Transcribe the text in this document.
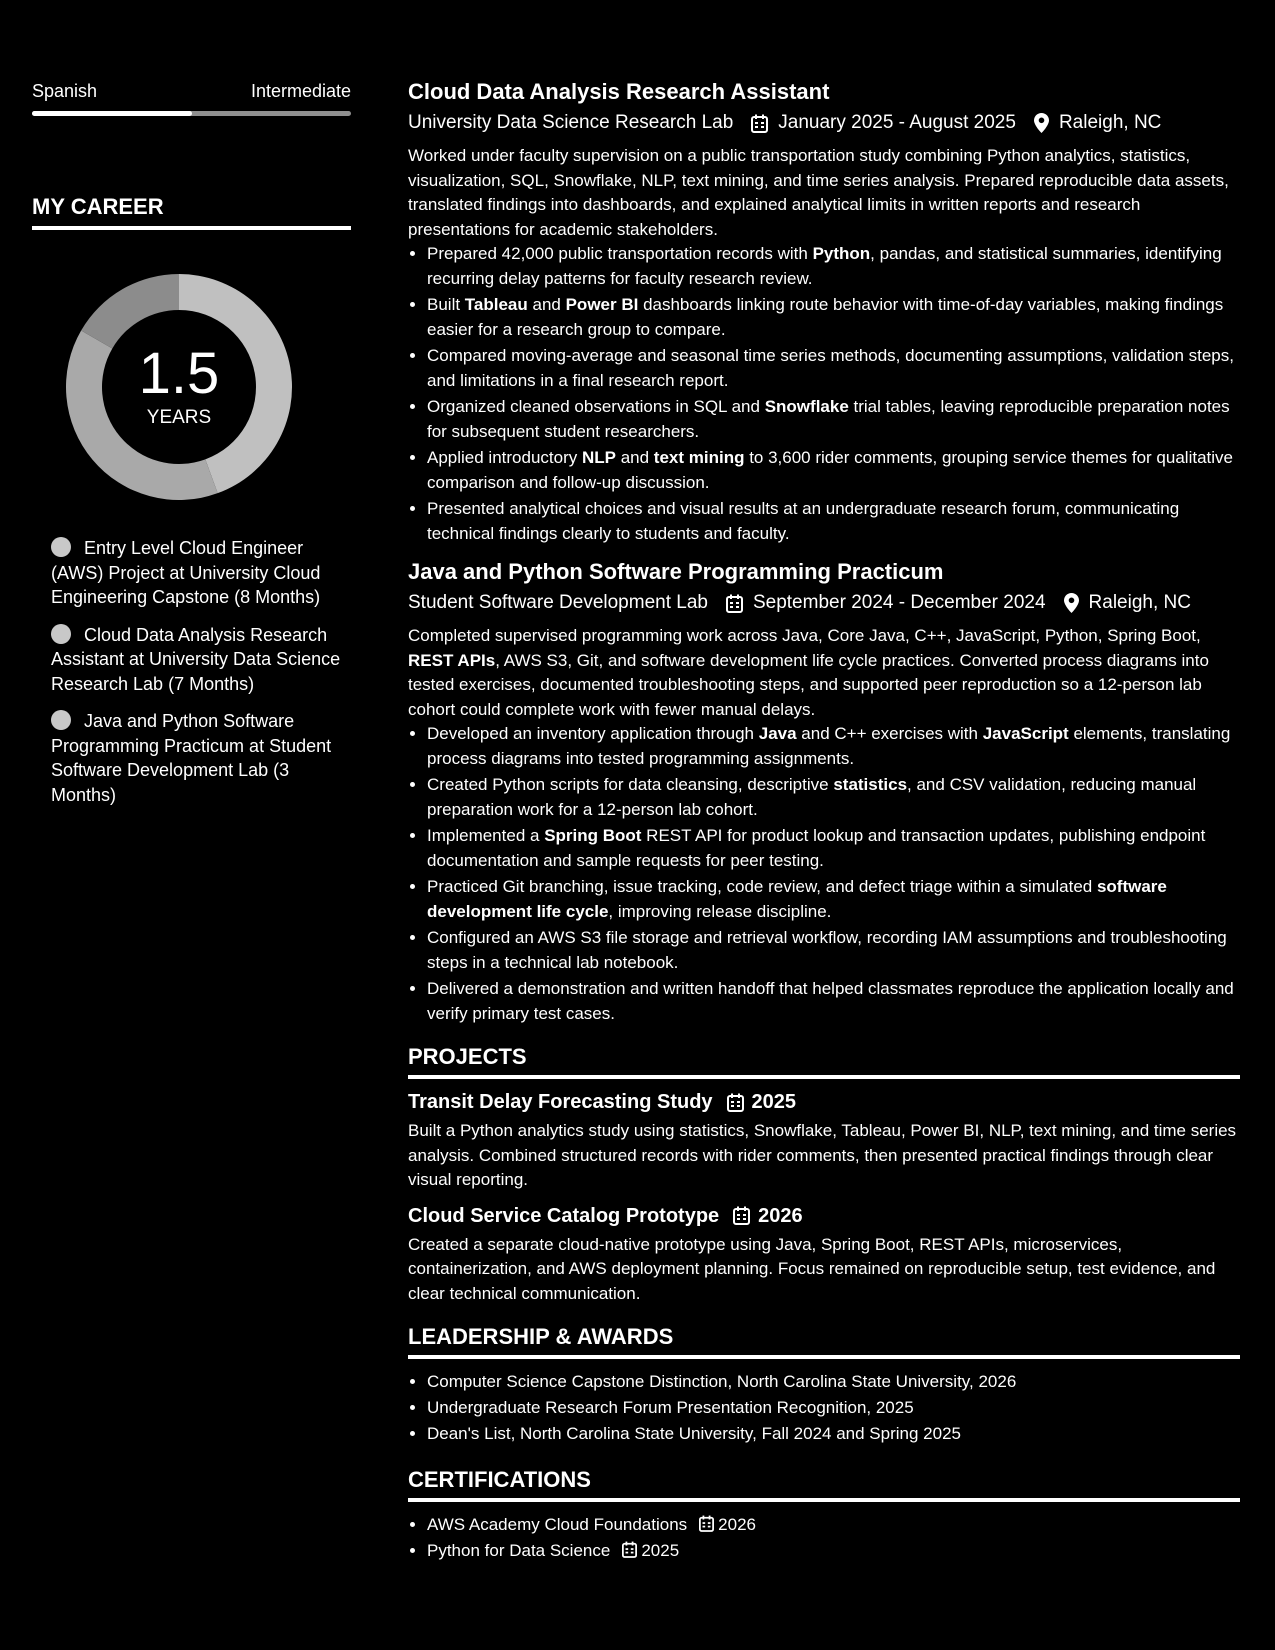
Spanish	Intermediate
MY CAREER
1.5
YEARS
Entry Level Cloud Engineer (AWS) Project at University Cloud Engineering Capstone (8 Months)
Cloud Data Analysis Research Assistant at University Data Science Research Lab (7 Months)
Java and Python Software Programming Practicum at Student Software Development Lab (3 Months)
Cloud Data Analysis Research Assistant
University Data Science Research Lab January 2025 - August 2025 Raleigh, NC
Worked under faculty supervision on a public transportation study combining Python analytics, statistics, visualization, SQL, Snowflake, NLP, text mining, and time series analysis. Prepared reproducible data assets, translated findings into dashboards, and explained analytical limits in written reports and research presentations for academic stakeholders.
• Prepared 42,000 public transportation records with Python, pandas, and statistical summaries, identifying recurring delay patterns for faculty research review.
• Built Tableau and Power BI dashboards linking route behavior with time-of-day variables, making findings easier for a research group to compare.
• Compared moving-average and seasonal time series methods, documenting assumptions, validation steps, and limitations in a final research report.
• Organized cleaned observations in SQL and Snowflake trial tables, leaving reproducible preparation notes for subsequent student researchers.
• Applied introductory NLP and text mining to 3,600 rider comments, grouping service themes for qualitative comparison and follow-up discussion.
• Presented analytical choices and visual results at an undergraduate research forum, communicating technical findings clearly to students and faculty.
Java and Python Software Programming Practicum
Student Software Development Lab September 2024 - December 2024 Raleigh, NC
Completed supervised programming work across Java, Core Java, C++, JavaScript, Python, Spring Boot, REST APIs, AWS S3, Git, and software development life cycle practices. Converted process diagrams into tested exercises, documented troubleshooting steps, and supported peer reproduction so a 12-person lab cohort could complete work with fewer manual delays.
• Developed an inventory application through Java and C++ exercises with JavaScript elements, translating process diagrams into tested programming assignments.
• Created Python scripts for data cleansing, descriptive statistics, and CSV validation, reducing manual preparation work for a 12-person lab cohort.
• Implemented a Spring Boot REST API for product lookup and transaction updates, publishing endpoint documentation and sample requests for peer testing.
• Practiced Git branching, issue tracking, code review, and defect triage within a simulated software development life cycle, improving release discipline.
• Configured an AWS S3 file storage and retrieval workflow, recording IAM assumptions and troubleshooting steps in a technical lab notebook.
• Delivered a demonstration and written handoff that helped classmates reproduce the application locally and verify primary test cases.
PROJECTS
Transit Delay Forecasting Study 2025
Built a Python analytics study using statistics, Snowflake, Tableau, Power BI, NLP, text mining, and time series analysis. Combined structured records with rider comments, then presented practical findings through clear visual reporting.
Cloud Service Catalog Prototype 2026
Created a separate cloud-native prototype using Java, Spring Boot, REST APIs, microservices, containerization, and AWS deployment planning. Focus remained on reproducible setup, test evidence, and clear technical communication.
LEADERSHIP & AWARDS
• Computer Science Capstone Distinction, North Carolina State University, 2026
• Undergraduate Research Forum Presentation Recognition, 2025
• Dean's List, North Carolina State University, Fall 2024 and Spring 2025
CERTIFICATIONS
• AWS Academy Cloud Foundations 2026
• Python for Data Science 2025
